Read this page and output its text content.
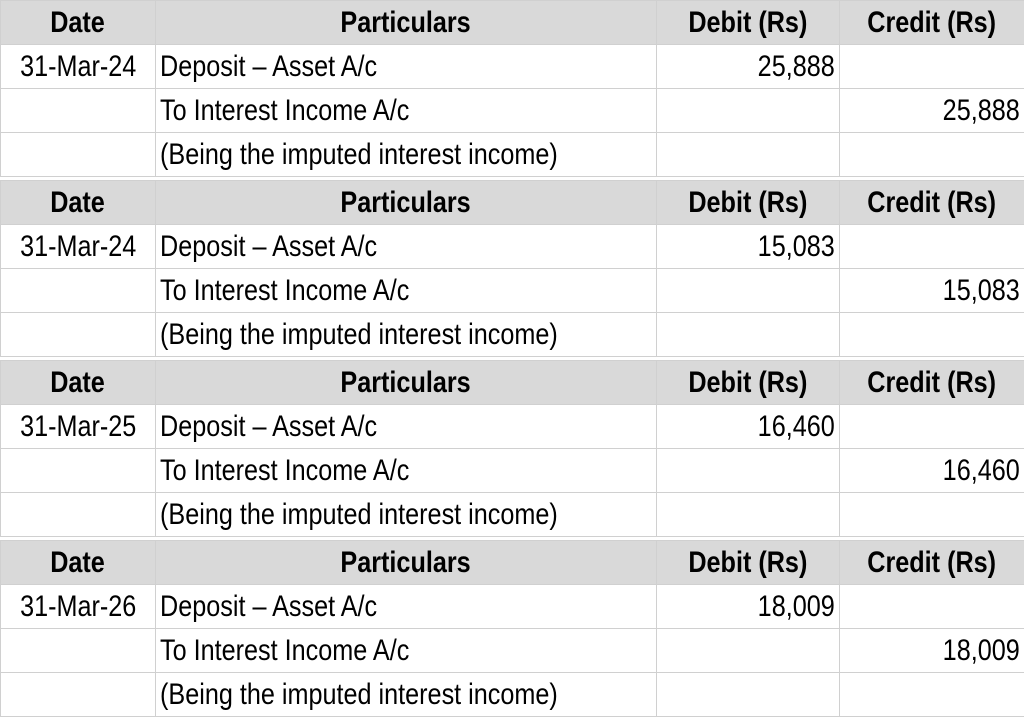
Date	Particulars	Debit (Rs)	Credit (Rs)
31-Mar-24	Deposit – Asset A/c	25,888	
	To Interest Income A/c		25,888
	(Being the imputed interest income)		
Date	Particulars	Debit (Rs)	Credit (Rs)
31-Mar-24	Deposit – Asset A/c	15,083	
	To Interest Income A/c		15,083
	(Being the imputed interest income)		
Date	Particulars	Debit (Rs)	Credit (Rs)
31-Mar-25	Deposit – Asset A/c	16,460	
	To Interest Income A/c		16,460
	(Being the imputed interest income)		
Date	Particulars	Debit (Rs)	Credit (Rs)
31-Mar-26	Deposit – Asset A/c	18,009	
	To Interest Income A/c		18,009
	(Being the imputed interest income)		
